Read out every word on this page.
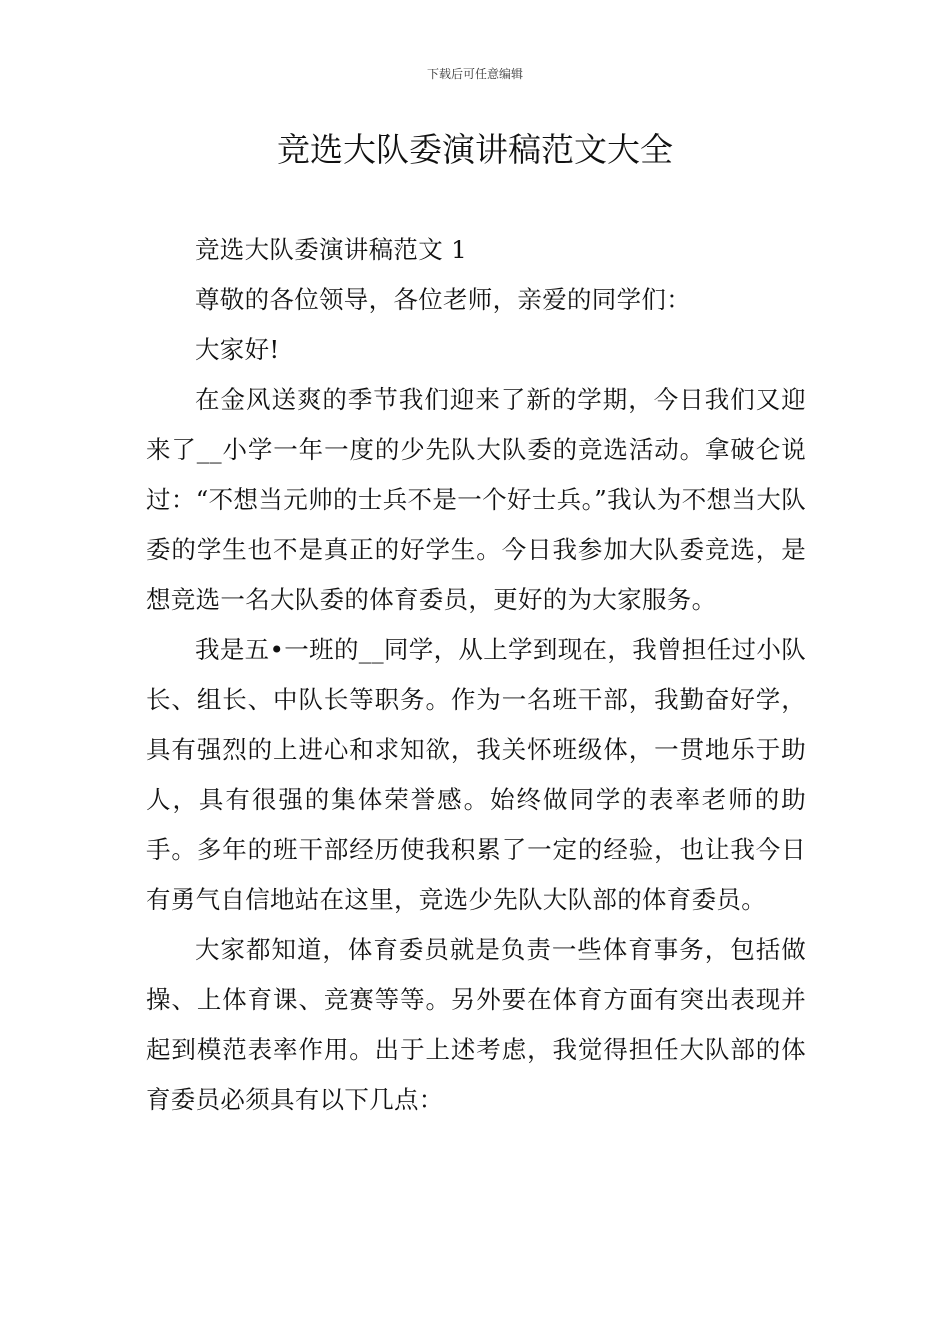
下载后可任意编辑
竞选大队委演讲稿范文大全

竞选大队委演讲稿范文 1

尊敬的各位领导，各位老师，亲爱的同学们：

大家好!

在金风送爽的季节我们迎来了新的学期，今日我们又迎来了__小学一年一度的少先队大队委的竞选活动。拿破仑说过：“不想当元帅的士兵不是一个好士兵。”我认为不想当大队委的学生也不是真正的好学生。今日我参加大队委竞选，是想竞选一名大队委的体育委员，更好的为大家服务。

我是五•一班的__同学，从上学到现在，我曾担任过小队长、组长、中队长等职务。作为一名班干部，我勤奋好学，具有强烈的上进心和求知欲，我关怀班级体，一贯地乐于助人，具有很强的集体荣誉感。始终做同学的表率老师的助手。多年的班干部经历使我积累了一定的经验，也让我今日有勇气自信地站在这里，竞选少先队大队部的体育委员。

大家都知道，体育委员就是负责一些体育事务，包括做操、上体育课、竞赛等等。另外要在体育方面有突出表现并起到模范表率作用。出于上述考虑，我觉得担任大队部的体育委员必须具有以下几点：
